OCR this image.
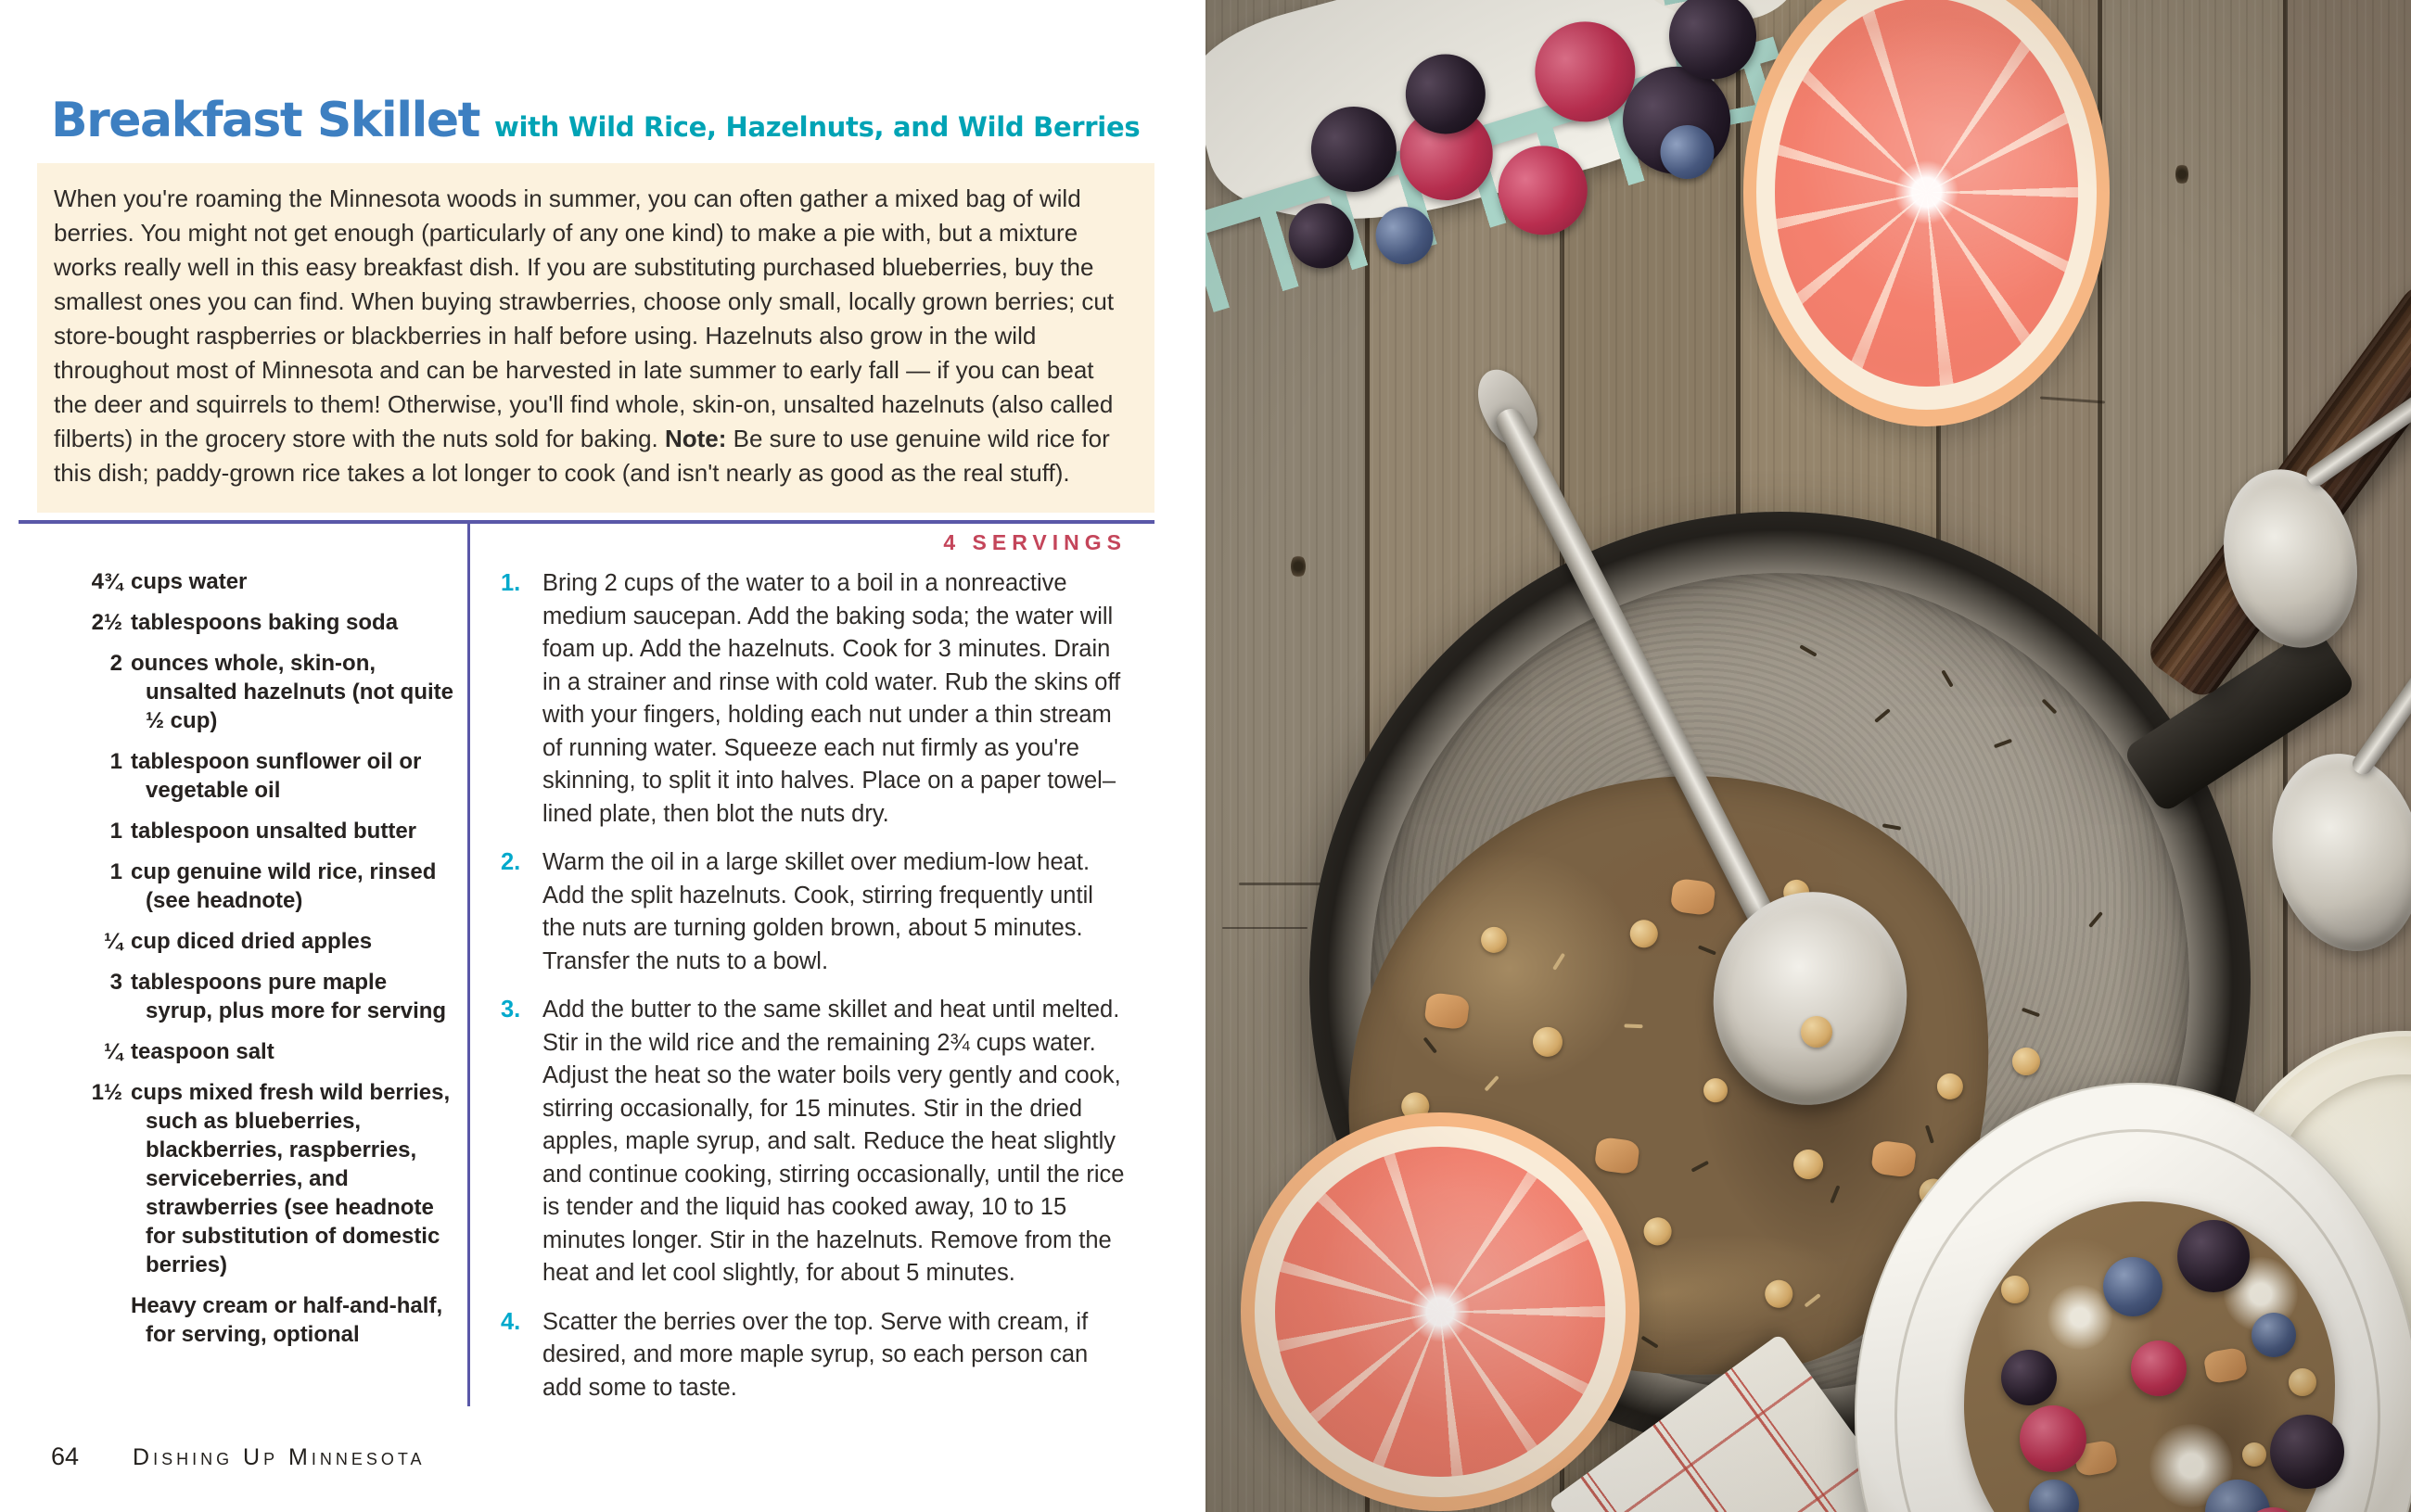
Breakfast Skillet with Wild Rice, Hazelnuts, and Wild Berries
When you're roaming the Minnesota woods in summer, you can often gather a mixed bag of wild berries. You might not get enough (particularly of any one kind) to make a pie with, but a mixture works really well in this easy breakfast dish. If you are substituting purchased blueberries, buy the smallest ones you can find. When buying strawberries, choose only small, locally grown berries; cut store-bought raspberries or blackberries in half before using. Hazelnuts also grow in the wild throughout most of Minnesota and can be harvested in late summer to early fall — if you can beat the deer and squirrels to them! Otherwise, you'll find whole, skin-on, unsalted hazelnuts (also called filberts) in the grocery store with the nuts sold for baking. Note: Be sure to use genuine wild rice for this dish; paddy-grown rice takes a lot longer to cook (and isn't nearly as good as the real stuff).
4 SERVINGS
4¾ cups water
2½ tablespoons baking soda
2 ounces whole, skin-on, unsalted hazelnuts (not quite ½ cup)
1 tablespoon sunflower oil or vegetable oil
1 tablespoon unsalted butter
1 cup genuine wild rice, rinsed (see headnote)
¼ cup diced dried apples
3 tablespoons pure maple syrup, plus more for serving
¼ teaspoon salt
1½ cups mixed fresh wild berries, such as blueberries, blackberries, raspberries, serviceberries, and strawberries (see headnote for substitution of domestic berries)
Heavy cream or half-and-half, for serving, optional
1. Bring 2 cups of the water to a boil in a nonreactive medium saucepan. Add the baking soda; the water will foam up. Add the hazelnuts. Cook for 3 minutes. Drain in a strainer and rinse with cold water. Rub the skins off with your fingers, holding each nut under a thin stream of running water. Squeeze each nut firmly as you're skinning, to split it into halves. Place on a paper towel–lined plate, then blot the nuts dry.
2. Warm the oil in a large skillet over medium-low heat. Add the split hazelnuts. Cook, stirring frequently until the nuts are turning golden brown, about 5 minutes. Transfer the nuts to a bowl.
3. Add the butter to the same skillet and heat until melted. Stir in the wild rice and the remaining 2¾ cups water. Adjust the heat so the water boils very gently and cook, stirring occasionally, for 15 minutes. Stir in the dried apples, maple syrup, and salt. Reduce the heat slightly and continue cooking, stirring occasionally, until the rice is tender and the liquid has cooked away, 10 to 15 minutes longer. Stir in the hazelnuts. Remove from the heat and let cool slightly, for about 5 minutes.
4. Scatter the berries over the top. Serve with cream, if desired, and more maple syrup, so each person can add some to taste.
64 Dishing Up Minnesota
